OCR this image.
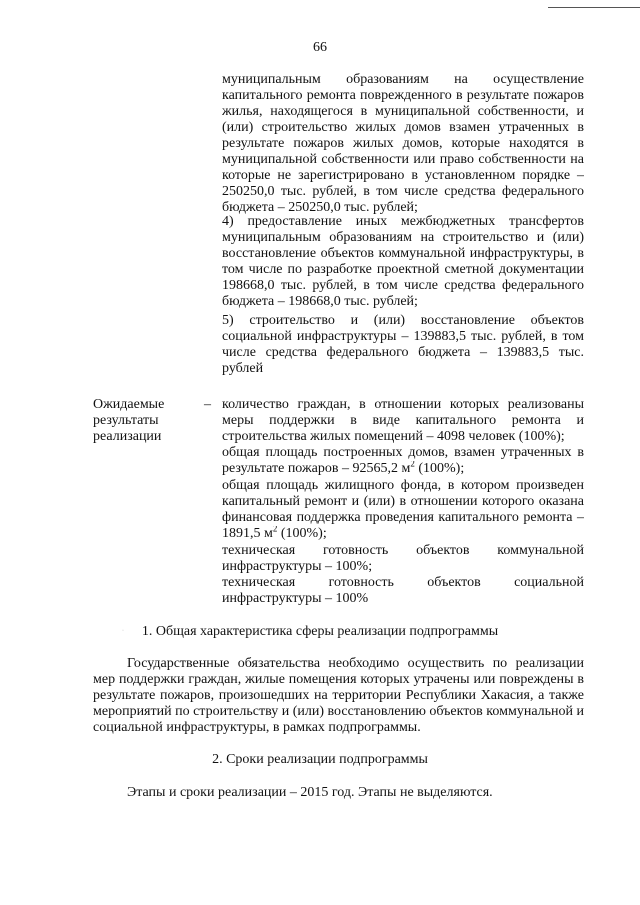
66
муниципальным образованиям на осуществление
капитального ремонта поврежденного в результате пожаров
жилья, находящегося в муниципальной собственности, и
(или) строительство жилых домов взамен утраченных в
результате пожаров жилых домов, которые находятся в
муниципальной собственности или право собственности на
которые не зарегистрировано в установленном порядке –
250250,0 тыс. рублей, в том числе средства федерального
бюджета – 250250,0 тыс. рублей;
4) предоставление иных межбюджетных трансфертов
муниципальным образованиям на строительство и (или)
восстановление объектов коммунальной инфраструктуры, в
том числе по разработке проектной сметной документации
198668,0 тыс. рублей, в том числе средства федерального
бюджета – 198668,0 тыс. рублей;
5) строительство и (или) восстановление объектов
социальной инфраструктуры – 139883,5 тыс. рублей, в том
числе средства федерального бюджета – 139883,5 тыс.
рублей
Ожидаемые
результаты
реализации
– количество граждан, в отношении которых реализованы
меры поддержки в виде капитального ремонта и
строительства жилых помещений – 4098 человек (100%);
общая площадь построенных домов, взамен утраченных в
результате пожаров – 92565,2 $м^2$ (100%);
общая площадь жилищного фонда, в котором произведен
капитальный ремонт и (или) в отношении которого оказана
финансовая поддержка проведения капитального ремонта –
1891,5 $м^2$ (100%);
техническая готовность объектов коммунальной
инфраструктуры – 100%;
техническая готовность объектов социальной
инфраструктуры – 100%
·	1. Общая характеристика сферы реализации подпрограммы
Государственные обязательства необходимо осуществить по реализации
мер поддержки граждан, жилые помещения которых утрачены или повреждены в
результате пожаров, произошедших на территории Республики Хакасия, а также
мероприятий по строительству и (или) восстановлению объектов коммунальной и
социальной инфраструктуры, в рамках подпрограммы.
2. Сроки реализации подпрограммы
Этапы и сроки реализации – 2015 год. Этапы не выделяются.
